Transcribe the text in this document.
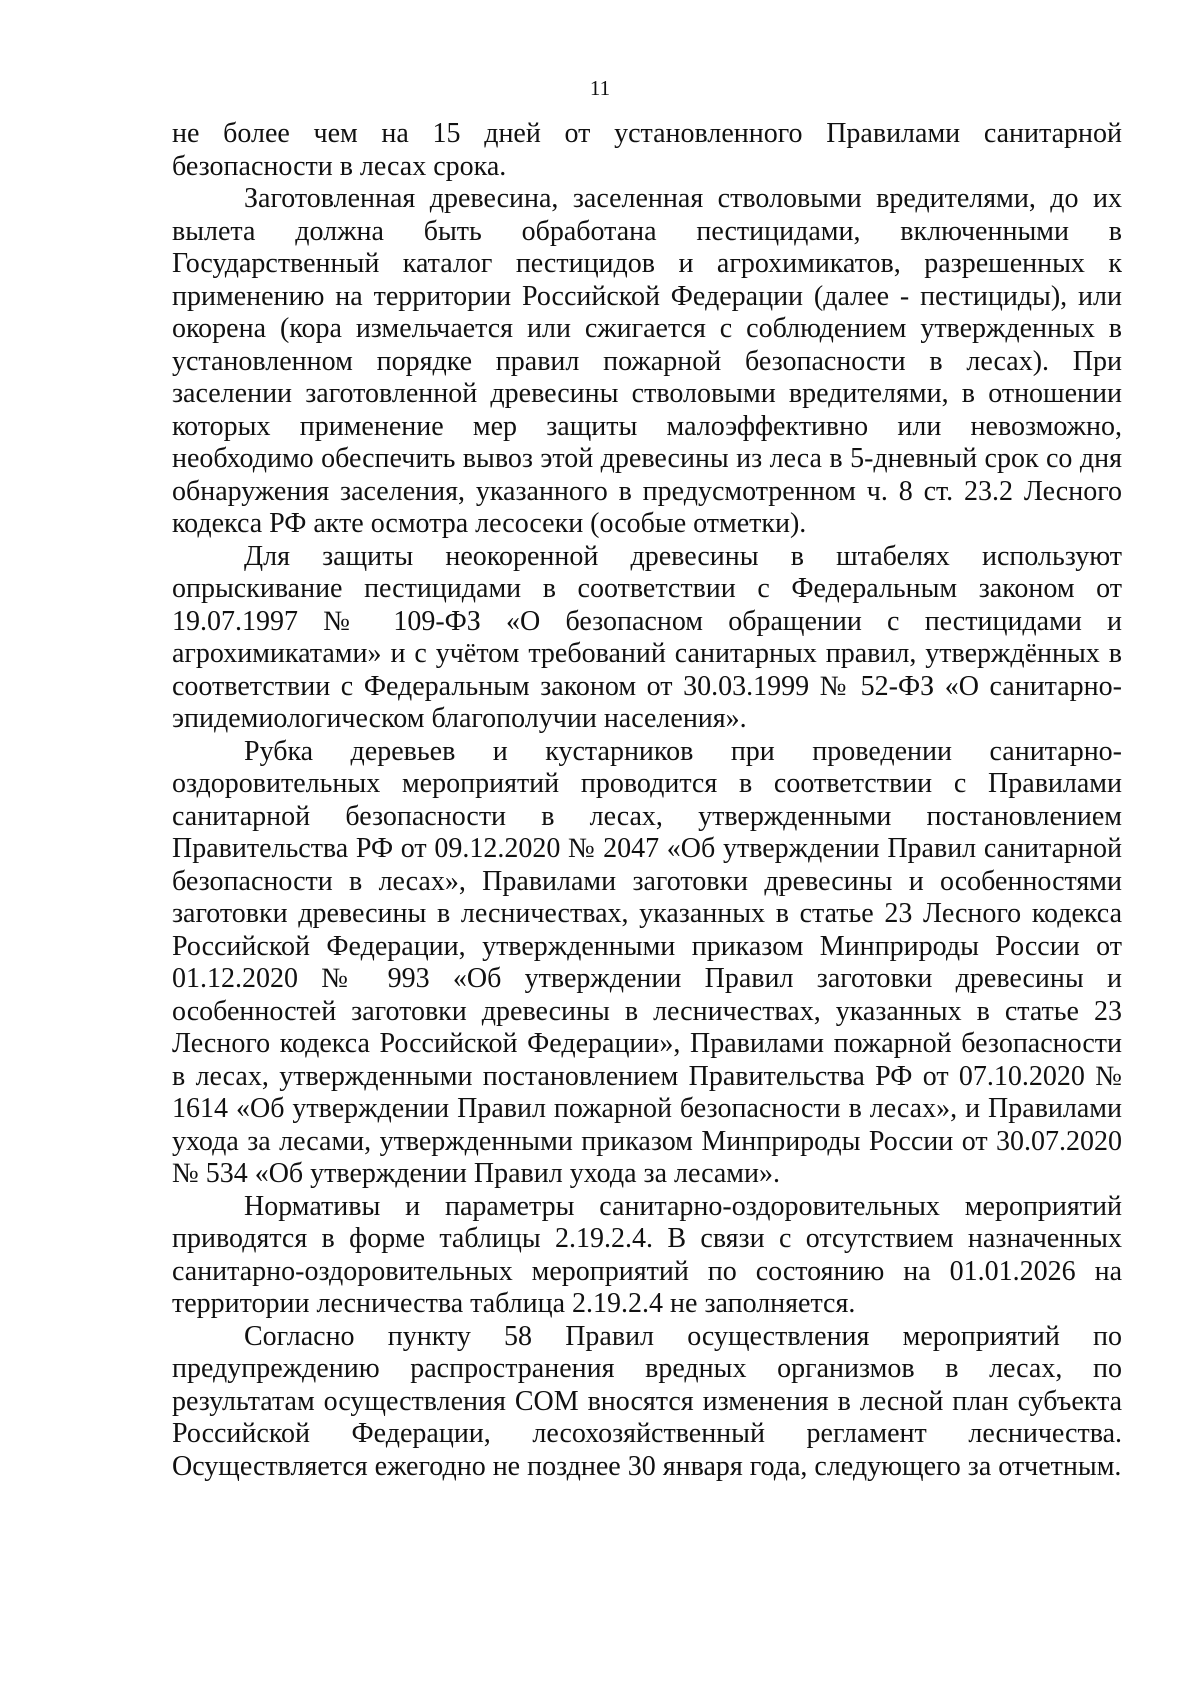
11

не более чем на 15 дней от установленного Правилами санитарной безопасности в лесах срока.

Заготовленная древесина, заселенная стволовыми вредителями, до их вылета должна быть обработана пестицидами, включенными в Государственный каталог пестицидов и агрохимикатов, разрешенных к применению на территории Российской Федерации (далее - пестициды), или окорена (кора измельчается или сжигается с соблюдением утвержденных в установленном порядке правил пожарной безопасности в лесах). При заселении заготовленной древесины стволовыми вредителями, в отношении которых применение мер защиты малоэффективно или невозможно, необходимо обеспечить вывоз этой древесины из леса в 5-дневный срок со дня обнаружения заселения, указанного в предусмотренном ч. 8 ст. 23.2 Лесного кодекса РФ акте осмотра лесосеки (особые отметки).

Для защиты неокоренной древесины в штабелях используют опрыскивание пестицидами в соответствии с Федеральным законом от 19.07.1997 № 109-ФЗ «О безопасном обращении с пестицидами и агрохимикатами» и с учётом требований санитарных правил, утверждённых в соответствии с Федеральным законом от 30.03.1999 № 52-ФЗ «О санитарно-эпидемиологическом благополучии населения».

Рубка деревьев и кустарников при проведении санитарно-оздоровительных мероприятий проводится в соответствии с Правилами санитарной безопасности в лесах, утвержденными постановлением Правительства РФ от 09.12.2020 № 2047 «Об утверждении Правил санитарной безопасности в лесах», Правилами заготовки древесины и особенностями заготовки древесины в лесничествах, указанных в статье 23 Лесного кодекса Российской Федерации, утвержденными приказом Минприроды России от 01.12.2020 № 993 «Об утверждении Правил заготовки древесины и особенностей заготовки древесины в лесничествах, указанных в статье 23 Лесного кодекса Российской Федерации», Правилами пожарной безопасности в лесах, утвержденными постановлением Правительства РФ от 07.10.2020 № 1614 «Об утверждении Правил пожарной безопасности в лесах», и Правилами ухода за лесами, утвержденными приказом Минприроды России от 30.07.2020 № 534 «Об утверждении Правил ухода за лесами».

Нормативы и параметры санитарно-оздоровительных мероприятий приводятся в форме таблицы 2.19.2.4. В связи с отсутствием назначенных санитарно-оздоровительных мероприятий по состоянию на 01.01.2026 на территории лесничества таблица 2.19.2.4 не заполняется.

Согласно пункту 58 Правил осуществления мероприятий по предупреждению распространения вредных организмов в лесах, по результатам осуществления СОМ вносятся изменения в лесной план субъекта Российской Федерации, лесохозяйственный регламент лесничества. Осуществляется ежегодно не позднее 30 января года, следующего за отчетным.
